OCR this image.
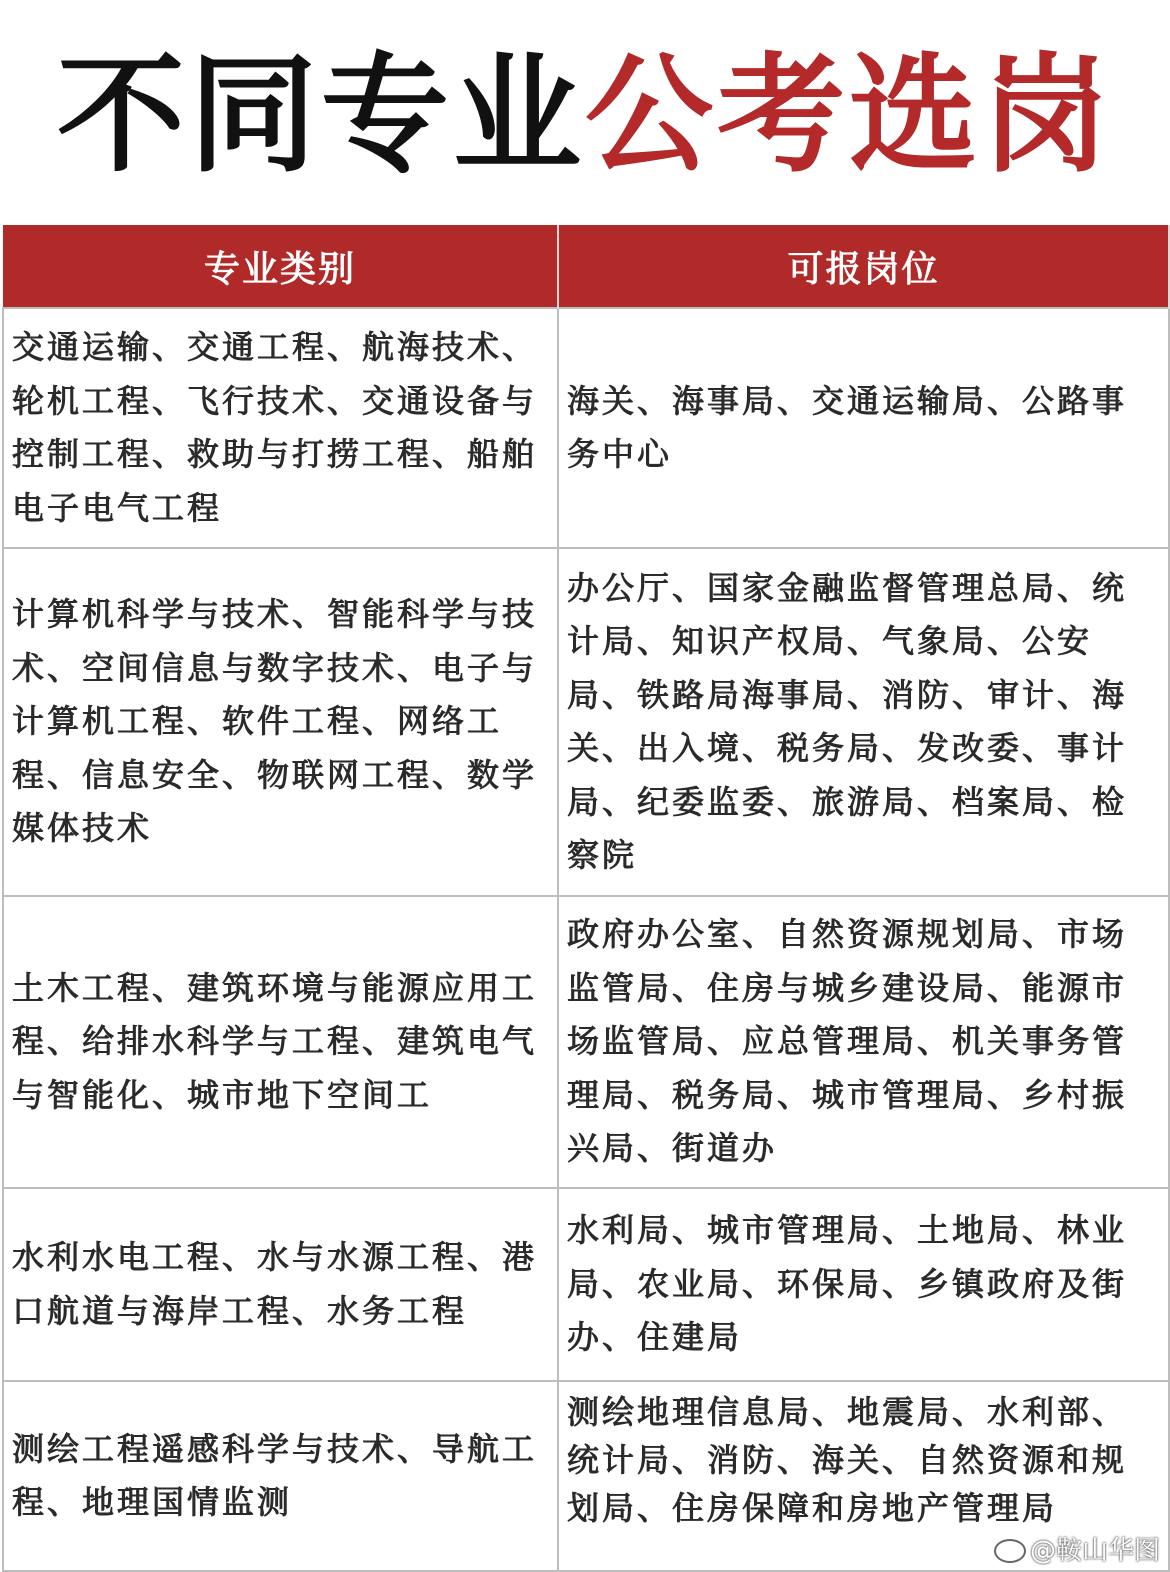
不同专业公考选岗
专业类别	可报岗位
交通运输、交通工程、航海技术、轮机工程、飞行技术、交通设备与控制工程、救助与打捞工程、船舶电子电气工程	海关、海事局、交通运输局、公路事务中心
计算机科学与技术、智能科学与技术、空间信息与数字技术、电子与计算机工程、软件工程、网络工程、信息安全、物联网工程、数学媒体技术	办公厅、国家金融监督管理总局、统计局、知识产权局、气象局、公安局、铁路局海事局、消防、审计、海关、出入境、税务局、发改委、事计局、纪委监委、旅游局、档案局、检察院
土木工程、建筑环境与能源应用工程、给排水科学与工程、建筑电气与智能化、城市地下空间工	政府办公室、自然资源规划局、市场监管局、住房与城乡建设局、能源市场监管局、应总管理局、机关事务管理局、税务局、城市管理局、乡村振兴局、街道办
水利水电工程、水与水源工程、港口航道与海岸工程、水务工程	水利局、城市管理局、土地局、林业局、农业局、环保局、乡镇政府及街办、住建局
测绘工程遥感科学与技术、导航工程、地理国情监测	测绘地理信息局、地震局、水利部、统计局、消防、海关、自然资源和规划局、住房保障和房地产管理局
@鞍山华图
